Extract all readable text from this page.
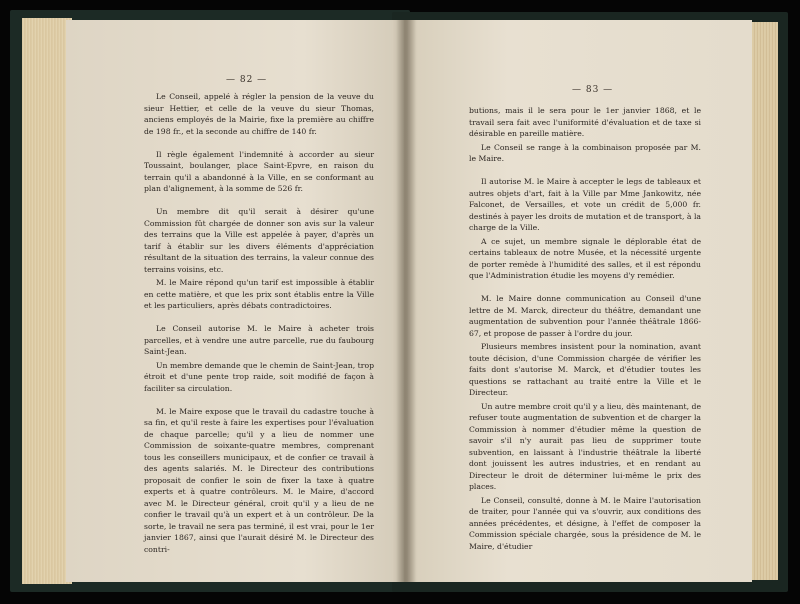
— 82 —

Le Conseil, appelé à régler la pension de la veuve du sieur Hettier, et celle de la veuve du sieur Thomas, anciens employés de la Mairie, fixe la première au chiffre de 198 fr., et la seconde au chiffre de 140 fr.

Il règle également l'indemnité à accorder au sieur Toussaint, boulanger, place Saint-Epvre, en raison du terrain qu'il a abandonné à la Ville, en se conformant au plan d'alignement, à la somme de 526 fr.

Un membre dit qu'il serait à désirer qu'une Commission fût chargée de donner son avis sur la valeur des terrains que la Ville est appelée à payer, d'après un tarif à établir sur les divers éléments d'appréciation résultant de la situation des terrains, la valeur connue des terrains voisins, etc.

M. le Maire répond qu'un tarif est impossible à établir en cette matière, et que les prix sont établis entre la Ville et les particuliers, après débats contradictoires.

Le Conseil autorise M. le Maire à acheter trois parcelles, et à vendre une autre parcelle, rue du faubourg Saint-Jean.

Un membre demande que le chemin de Saint-Jean, trop étroit et d'une pente trop raide, soit modifié de façon à faciliter sa circulation.

M. le Maire expose que le travail du cadastre touche à sa fin, et qu'il reste à faire les expertises pour l'évaluation de chaque parcelle; qu'il y a lieu de nommer une Commission de soixante-quatre membres, comprenant tous les conseillers municipaux, et de confier ce travail à des agents salariés. M. le Directeur des contributions proposait de confier le soin de fixer la taxe à quatre experts et à quatre contrôleurs. M. le Maire, d'accord avec M. le Directeur général, croit qu'il y a lieu de ne confier le travail qu'à un expert et à un contrôleur. De la sorte, le travail ne sera pas terminé, il est vrai, pour le 1er janvier 1867, ainsi que l'aurait désiré M. le Directeur des contri-

— 83 —

butions, mais il le sera pour le 1er janvier 1868, et le travail sera fait avec l'uniformité d'évaluation et de taxe si désirable en pareille matière.

Le Conseil se range à la combinaison proposée par M. le Maire.

Il autorise M. le Maire à accepter le legs de tableaux et autres objets d'art, fait à la Ville par Mme Jankowitz, née Falconet, de Versailles, et vote un crédit de 5,000 fr. destinés à payer les droits de mutation et de transport, à la charge de la Ville.

A ce sujet, un membre signale le déplorable état de certains tableaux de notre Musée, et la nécessité urgente de porter remède à l'humidité des salles, et il est répondu que l'Administration étudie les moyens d'y remédier.

M. le Maire donne communication au Conseil d'une lettre de M. Marck, directeur du théâtre, demandant une augmentation de subvention pour l'année théâtrale 1866-67, et propose de passer à l'ordre du jour.

Plusieurs membres insistent pour la nomination, avant toute décision, d'une Commission chargée de vérifier les faits dont s'autorise M. Marck, et d'étudier toutes les questions se rattachant au traité entre la Ville et le Directeur.

Un autre membre croit qu'il y a lieu, dès maintenant, de refuser toute augmentation de subvention et de charger la Commission à nommer d'étudier même la question de savoir s'il n'y aurait pas lieu de supprimer toute subvention, en laissant à l'industrie théâtrale la liberté dont jouissent les autres industries, et en rendant au Directeur le droit de déterminer lui-même le prix des places.

Le Conseil, consulté, donne à M. le Maire l'autorisation de traiter, pour l'année qui va s'ouvrir, aux conditions des années précédentes, et désigne, à l'effet de composer la Commission spéciale chargée, sous la présidence de M. le Maire, d'étudier
